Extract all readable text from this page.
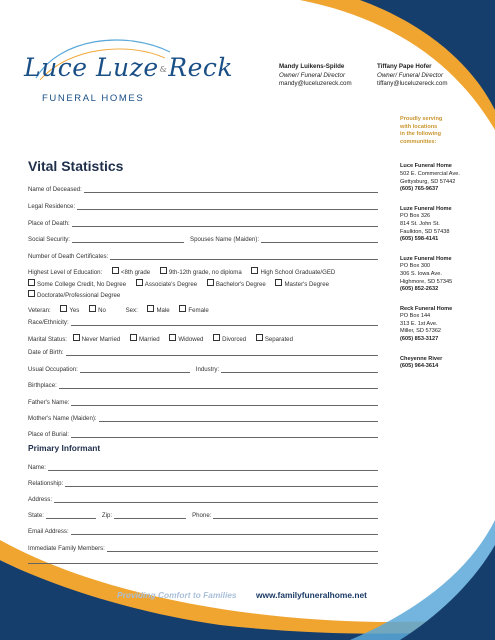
Luce Luze&Reck
FUNERAL HOMES
Mandy Luikens-Spilde
Owner/ Funeral Director
mandy@luceluzereck.com
Tiffany Pape Hofer
Owner/ Funeral Director
tiffany@luceluzereck.com
Proudly serving
with locations
in the following
communities:
Luce Funeral Home
502 E. Commercial Ave.
Gettysburg, SD 57442
(605) 765-9637
Luze Funeral Home
PO Box 326
814 St. John St.
Faulkton, SD 57438
(605) 598-4141
Luze Funeral Home
PO Box 300
306 S. Iowa Ave.
Highmore, SD 57345
(605) 852-2632
Reck Funeral Home
PO Box 144
313 E. 1st Ave.
Miller, SD 57362
(605) 853-3127
Cheyenne River
(605) 964-3614
Vital Statistics
Name of Deceased:
Legal Residence:
Place of Death:
Social Security:	Spouses Name (Maiden):
Number of Death Certificates:
Highest Level of Education:	<8th grade	9th-12th grade, no diploma	High School Graduate/GED
Some College Credit, No Degree	Associate's Degree	Bachelor's Degree	Master's Degree
Doctorate/Professional Degree
Veteran:	Yes	No	Sex:	Male	Female
Race/Ethnicity:
Marital Status: Never Married	Married	Widowed	Divorced	Separated
Date of Birth:
Usual Occupation:	Industry:
Birthplace:
Father's Name:
Mother's Name (Maiden):
Place of Burial:
Primary Informant
Name:
Relationship:
Address:
State:	Zip:	Phone:
Email Address:
Immediate Family Members:
Providing Comfort to Families www.familyfuneralhome.net
